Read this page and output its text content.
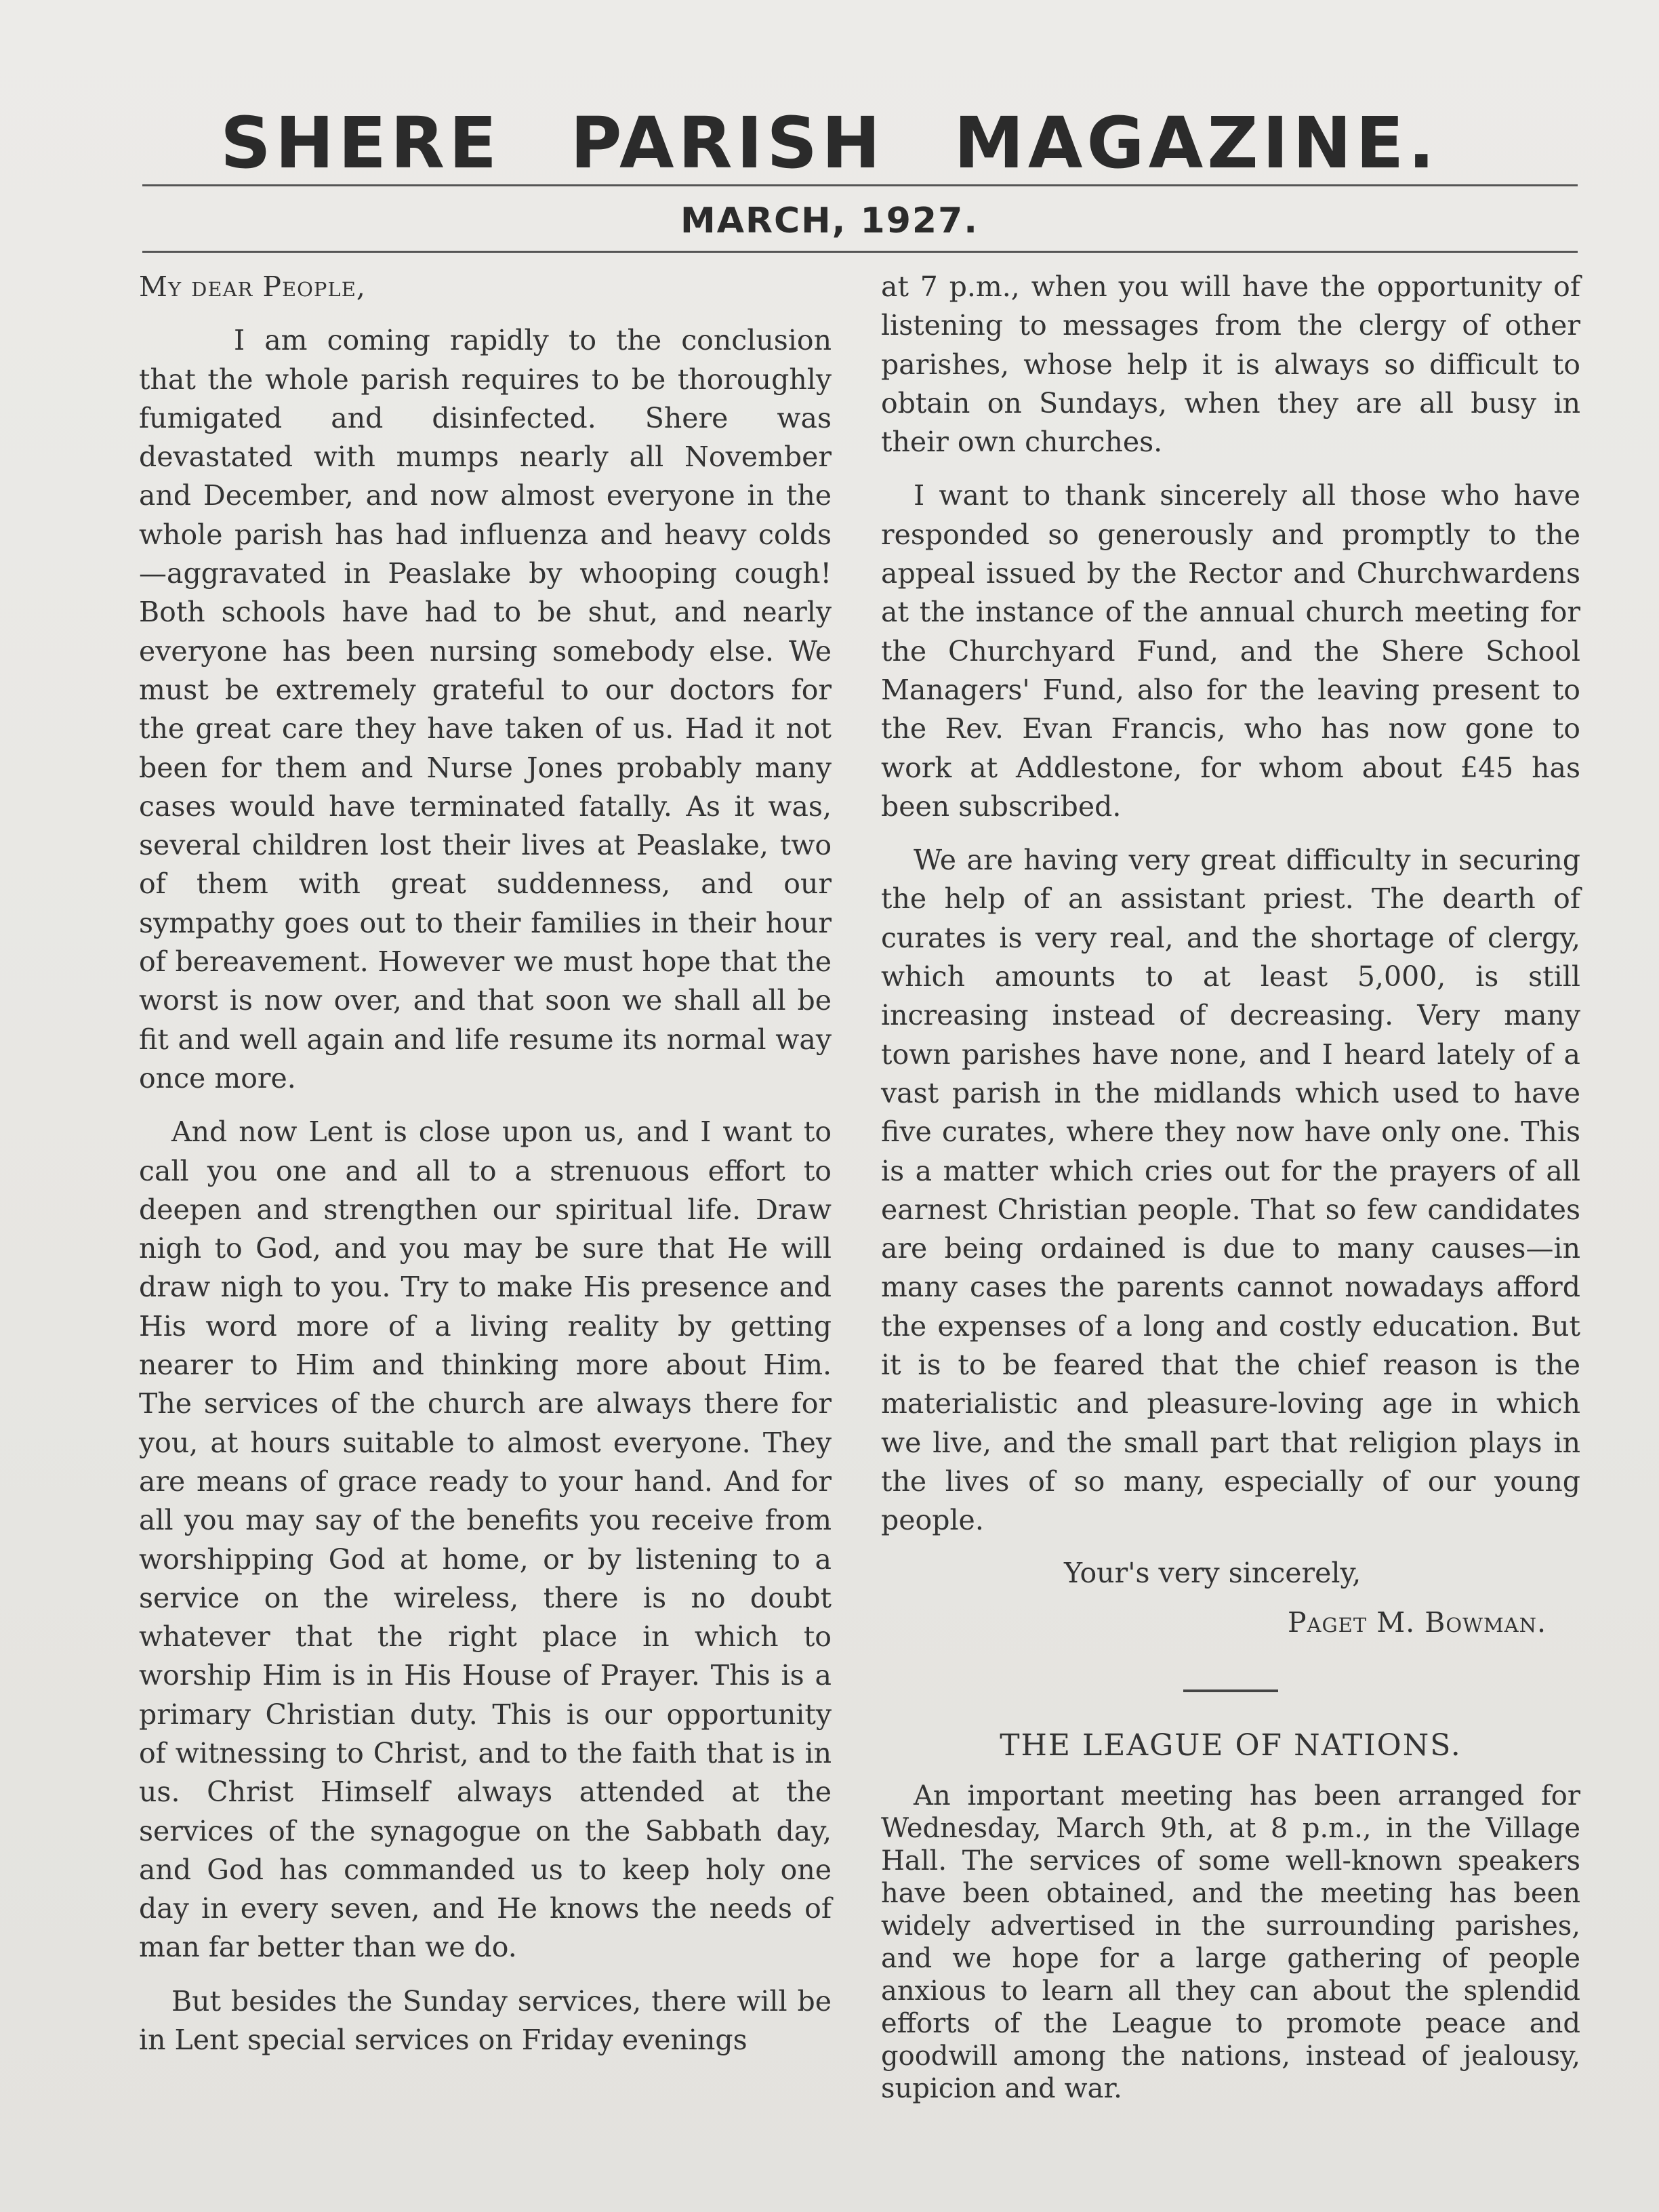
SHERE PARISH MAGAZINE.
MARCH, 1927.

My dear People,

I am coming rapidly to the conclusion that the whole parish requires to be thoroughly fumigated and disinfected. Shere was devastated with mumps nearly all November and December, and now almost everyone in the whole parish has had influenza and heavy colds —aggravated in Peaslake by whooping cough! Both schools have had to be shut, and nearly everyone has been nursing somebody else. We must be extremely grateful to our doctors for the great care they have taken of us. Had it not been for them and Nurse Jones probably many cases would have terminated fatally. As it was, several children lost their lives at Peaslake, two of them with great suddenness, and our sympathy goes out to their families in their hour of bereavement. However we must hope that the worst is now over, and that soon we shall all be fit and well again and life resume its normal way once more.

And now Lent is close upon us, and I want to call you one and all to a strenuous effort to deepen and strengthen our spiritual life. Draw nigh to God, and you may be sure that He will draw nigh to you. Try to make His presence and His word more of a living reality by getting nearer to Him and thinking more about Him. The services of the church are always there for you, at hours suitable to almost everyone. They are means of grace ready to your hand. And for all you may say of the benefits you receive from worshipping God at home, or by listening to a service on the wireless, there is no doubt whatever that the right place in which to worship Him is in His House of Prayer. This is a primary Christian duty. This is our opportunity of witnessing to Christ, and to the faith that is in us. Christ Himself always attended at the services of the synagogue on the Sabbath day, and God has commanded us to keep holy one day in every seven, and He knows the needs of man far better than we do.

But besides the Sunday services, there will be in Lent special services on Friday evenings

at 7 p.m., when you will have the opportunity of listening to messages from the clergy of other parishes, whose help it is always so difficult to obtain on Sundays, when they are all busy in their own churches.

I want to thank sincerely all those who have responded so generously and promptly to the appeal issued by the Rector and Churchwardens at the instance of the annual church meeting for the Churchyard Fund, and the Shere School Managers' Fund, also for the leaving present to the Rev. Evan Francis, who has now gone to work at Addlestone, for whom about £45 has been subscribed.

We are having very great difficulty in securing the help of an assistant priest. The dearth of curates is very real, and the shortage of clergy, which amounts to at least 5,000, is still increasing instead of decreasing. Very many town parishes have none, and I heard lately of a vast parish in the midlands which used to have five curates, where they now have only one. This is a matter which cries out for the prayers of all earnest Christian people. That so few candidates are being ordained is due to many causes—in many cases the parents cannot nowadays afford the expenses of a long and costly education. But it is to be feared that the chief reason is the materialistic and pleasure-loving age in which we live, and the small part that religion plays in the lives of so many, especially of our young people.

Your's very sincerely,

Paget M. Bowman.

THE LEAGUE OF NATIONS.

An important meeting has been arranged for Wednesday, March 9th, at 8 p.m., in the Village Hall. The services of some well-known speakers have been obtained, and the meeting has been widely advertised in the surrounding parishes, and we hope for a large gathering of people anxious to learn all they can about the splendid efforts of the League to promote peace and goodwill among the nations, instead of jealousy, supicion and war.
